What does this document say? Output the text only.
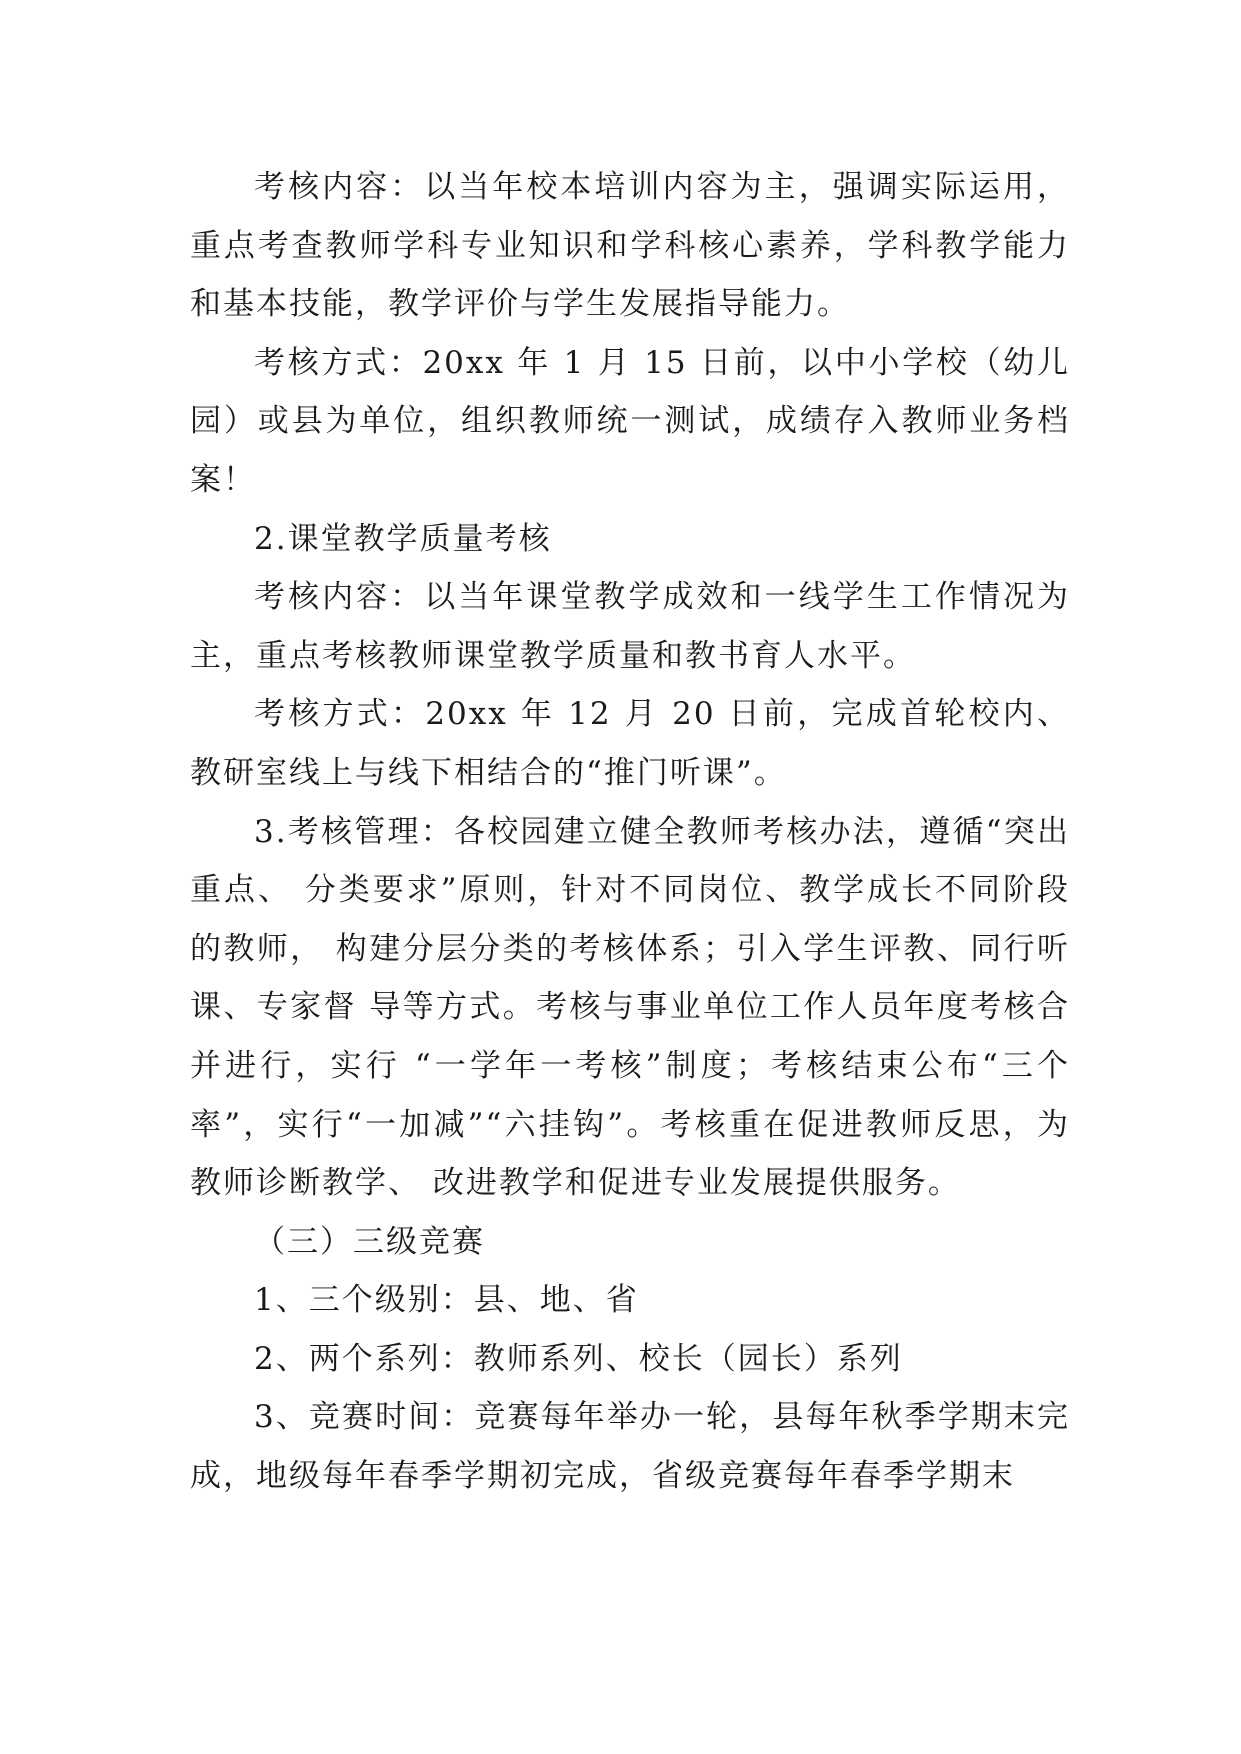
考核内容：以当年校本培训内容为主，强调实际运用，重点考查教师学科专业知识和学科核心素养，学科教学能力和基本技能，教学评价与学生发展指导能力。

考核方式：20xx 年 1 月 15 日前，以中小学校（幼儿园）或县为单位，组织教师统一测试，成绩存入教师业务档案！

2.课堂教学质量考核

考核内容：以当年课堂教学成效和一线学生工作情况为主，重点考核教师课堂教学质量和教书育人水平。

考核方式：20xx 年 12 月 20 日前，完成首轮校内、教研室线上与线下相结合的“推门听课”。

3.考核管理：各校园建立健全教师考核办法，遵循“突出重点、 分类要求”原则，针对不同岗位、教学成长不同阶段的教师， 构建分层分类的考核体系；引入学生评教、同行听课、专家督 导等方式。考核与事业单位工作人员年度考核合并进行，实行 “一学年一考核”制度；考核结束公布“三个率”，实行“一加减”“六挂钩”。考核重在促进教师反思，为教师诊断教学、 改进教学和促进专业发展提供服务。

（三）三级竞赛

1、三个级别：县、地、省

2、两个系列：教师系列、校长（园长）系列

3、竞赛时间：竞赛每年举办一轮，县每年秋季学期末完成，地级每年春季学期初完成，省级竞赛每年春季学期末
